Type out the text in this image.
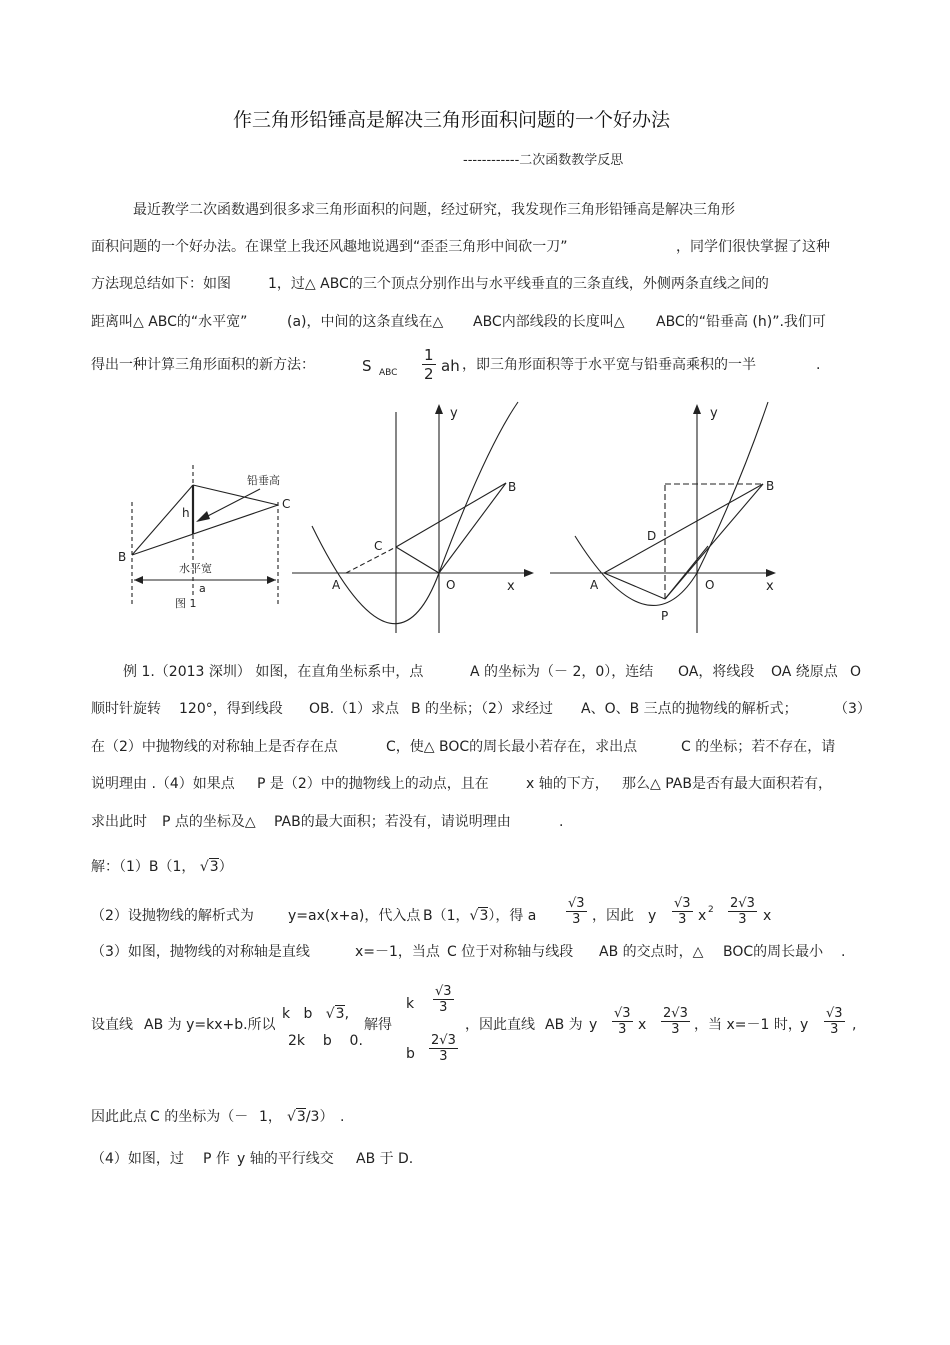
作三角形铅锤高是解决三角形面积问题的一个好办法
------------二次函数教学反思
最近教学二次函数遇到很多求三角形面积的问题，经过研究，我发现作三角形铅锤高是解决三角形
面积问题的一个好办法。在课堂上我还风趣地说遇到“歪歪三角形中间砍一刀”	，同学们很快掌握了这种
方法现总结如下：如图	1，过△ ABC的三个顶点分别作出与水平线垂直的三条直线，外侧两条直线之间的
距离叫△ ABC的“水平宽”	(a)，中间的这条直线在△ ABC内部线段的长度叫△ ABC的“铅垂高 (h)”.我们可
得出一种计算三角形面积的新方法：	S ABC $\frac{1}{2}$ ah ，即三角形面积等于水平宽与铅垂高乘积的一半	.
B
C
h
铅垂高
水平宽
a
图 1
y
x
A	O
B
C
y
x
A	O
B
D
P
例 1.（2013 深圳） 如图，在直角坐标系中，点	A 的坐标为（－ 2，0），连结 OA，将线段 OA 绕原点 O
顺时针旋转 120°，得到线段 OB.（1）求点 B 的坐标；（2）求经过 A、O、B 三点的抛物线的解析式；	（3）
在（2）中抛物线的对称轴上是否存在点	C，使△ BOC的周长最小若存在，求出点	C 的坐标；若不存在，请
说明理由 .（4）如果点 P 是（2）中的抛物线上的动点，且在	x 轴的下方， 那么△ PAB是否有最大面积若有，
求出此时 P 点的坐标及△ PAB的最大面积；若没有，请说明理由	.
解：（1）B（1， √3）
（2）设抛物线的解析式为 y=ax(x+a)，代入点 B（1，√3），得 a $\frac{√3}{3}$ ，因此 y $\frac{√3}{3}$ x $2 \frac{2√3}{3}$ x
（3）如图，抛物线的对称轴是直线	x=－1，当点 C 位于对称轴与线段 AB 的交点时，△ BOC的周长最小 .
设直线 AB 为 y=kx+b.所以
k b √3,
2k b 0.
解得
k $\frac{√3}{3}$
b $\frac{2√3}{3}$
，因此直线 AB 为 y $\frac{√3}{3}$ x $\frac{2√3}{3}$ ，当 x=－1 时，
y $\frac{√3}{3}$ ,
因此此点 C 的坐标为（－ 1， √3/3） .
（4）如图，过 P 作 y 轴的平行线交 AB 于 D.
